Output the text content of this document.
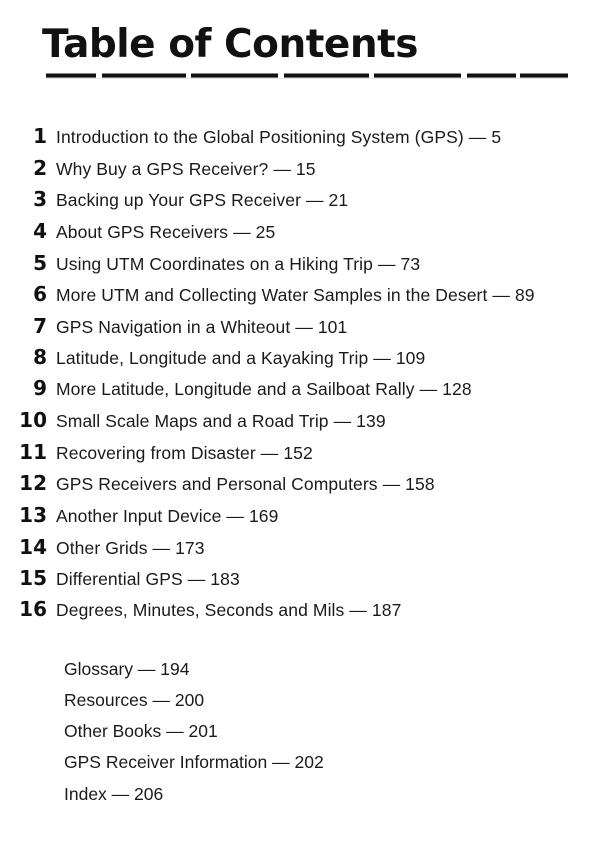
Table of Contents
1 Introduction to the Global Positioning System (GPS) — 5
2 Why Buy a GPS Receiver? — 15
3 Backing up Your GPS Receiver — 21
4 About GPS Receivers — 25
5 Using UTM Coordinates on a Hiking Trip — 73
6 More UTM and Collecting Water Samples in the Desert — 89
7 GPS Navigation in a Whiteout — 101
8 Latitude, Longitude and a Kayaking Trip — 109
9 More Latitude, Longitude and a Sailboat Rally — 128
10 Small Scale Maps and a Road Trip — 139
11 Recovering from Disaster — 152
12 GPS Receivers and Personal Computers — 158
13 Another Input Device — 169
14 Other Grids — 173
15 Differential GPS — 183
16 Degrees, Minutes, Seconds and Mils — 187
Glossary — 194
Resources — 200
Other Books — 201
GPS Receiver Information — 202
Index — 206
